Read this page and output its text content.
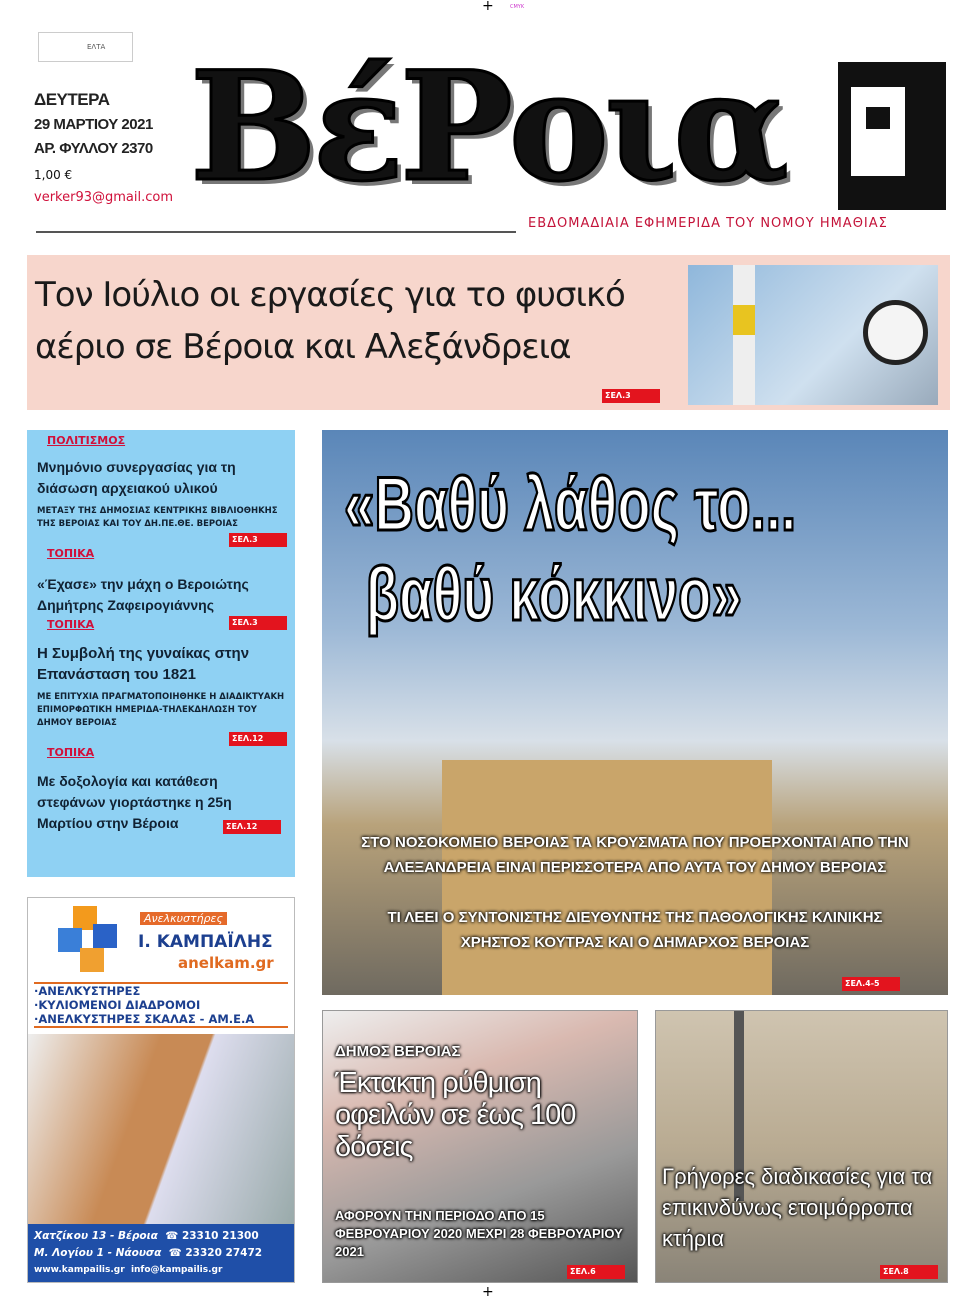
+	CMYK
+
ΕΛΤΑ
ΔΕΥΤΕΡΑ
29 ΜΑΡΤΙΟΥ 2021
ΑΡ. ΦΥΛΛΟΥ 2370
1,00 €
verker93@gmail.com ΒέΡοια
ΕΒΔΟΜΑΔΙΑΙΑ ΕΦΗΜΕΡΙΔΑ ΤΟΥ ΝΟΜΟΥ ΗΜΑΘΙΑΣ
Τον Ιούλιο οι εργασίες για το φυσικό αέριο σε Βέροια και Αλεξάνδρεια
ΣΕΛ.3
ΠΟΛΙΤΙΣΜΟΣ
Μνημόνιο συνεργασίας για τη διάσωση αρχειακού υλικού
ΜΕΤΑΞΥ ΤΗΣ ΔΗΜΟΣΙΑΣ ΚΕΝΤΡΙΚΗΣ ΒΙΒΛΙΟΘΗΚΗΣ ΤΗΣ ΒΕΡΟΙΑΣ ΚΑΙ ΤΟΥ ΔΗ.ΠΕ.ΘΕ. ΒΕΡΟΙΑΣ
ΣΕΛ.3
ΤΟΠΙΚΑ
«Έχασε» την μάχη ο Βεροιώτης Δημήτρης Ζαφειρογιάννης
ΣΕΛ.3
ΤΟΠΙΚΑ
Η Συμβολή της γυναίκας στην Επανάσταση του 1821
ΜΕ ΕΠΙΤΥΧΙΑ ΠΡΑΓΜΑΤΟΠΟΙΗΘΗΚΕ Η ΔΙΑΔΙΚΤΥΑΚΗ ΕΠΙΜΟΡΦΩΤΙΚΗ ΗΜΕΡΙΔΑ-ΤΗΛΕΚΔΗΛΩΣΗ ΤΟΥ ΔΗΜΟΥ ΒΕΡΟΙΑΣ
ΣΕΛ.12
ΤΟΠΙΚΑ
Με δοξολογία και κατάθεση στεφάνων γιορτάστηκε η 25η Μαρτίου στην Βέροια	ΣΕΛ.12
«Βαθύ λάθος το...
βαθύ κόκκινο»
ΣΤΟ ΝΟΣΟΚΟΜΕΙΟ ΒΕΡΟΙΑΣ ΤΑ ΚΡΟΥΣΜΑΤΑ ΠΟΥ ΠΡΟΕΡΧΟΝΤΑΙ ΑΠΟ ΤΗΝ ΑΛΕΞΑΝΔΡΕΙΑ ΕΙΝΑΙ ΠΕΡΙΣΣΟΤΕΡΑ ΑΠΟ ΑΥΤΑ ΤΟΥ ΔΗΜΟΥ ΒΕΡΟΙΑΣ
ΤΙ ΛΕΕΙ Ο ΣΥΝΤΟΝΙΣΤΗΣ ΔΙΕΥΘΥΝΤΗΣ ΤΗΣ ΠΑΘΟΛΟΓΙΚΗΣ ΚΛΙΝΙΚΗΣ ΧΡΗΣΤΟΣ ΚΟΥΤΡΑΣ ΚΑΙ Ο ΔΗΜΑΡΧΟΣ ΒΕΡΟΙΑΣ
ΣΕΛ.4-5
Ανελκυστήρες
Ι. ΚΑΜΠΑΪΛΗΣ
anelkam.gr
·ΑΝΕΛΚΥΣΤΗΡΕΣ
·ΚΥΛΙΟΜΕΝΟΙ ΔΙΑΔΡΟΜΟΙ
·ΑΝΕΛΚΥΣΤΗΡΕΣ ΣΚΑΛΑΣ - ΑΜ.Ε.Α
Χατζίκου 13 - Βέροια  ☎ 23310 21300
Μ. Λογίου 1 - Νάουσα  ☎ 23320 27472
www.kampailis.gr info@kampailis.gr
ΔΗΜΟΣ ΒΕΡΟΙΑΣ
Έκτακτη ρύθμιση οφειλών σε έως 100 δόσεις
ΑΦΟΡΟΥΝ ΤΗΝ ΠΕΡΙΟΔΟ ΑΠΟ 15 ΦΕΒΡΟΥΑΡΙΟΥ 2020 ΜΕΧΡΙ 28 ΦΕΒΡΟΥΑΡΙΟΥ 2021
ΣΕΛ.6
Γρήγορες διαδικασίες για τα επικινδύνως ετοιμόρροπα κτήρια
ΣΕΛ.8
